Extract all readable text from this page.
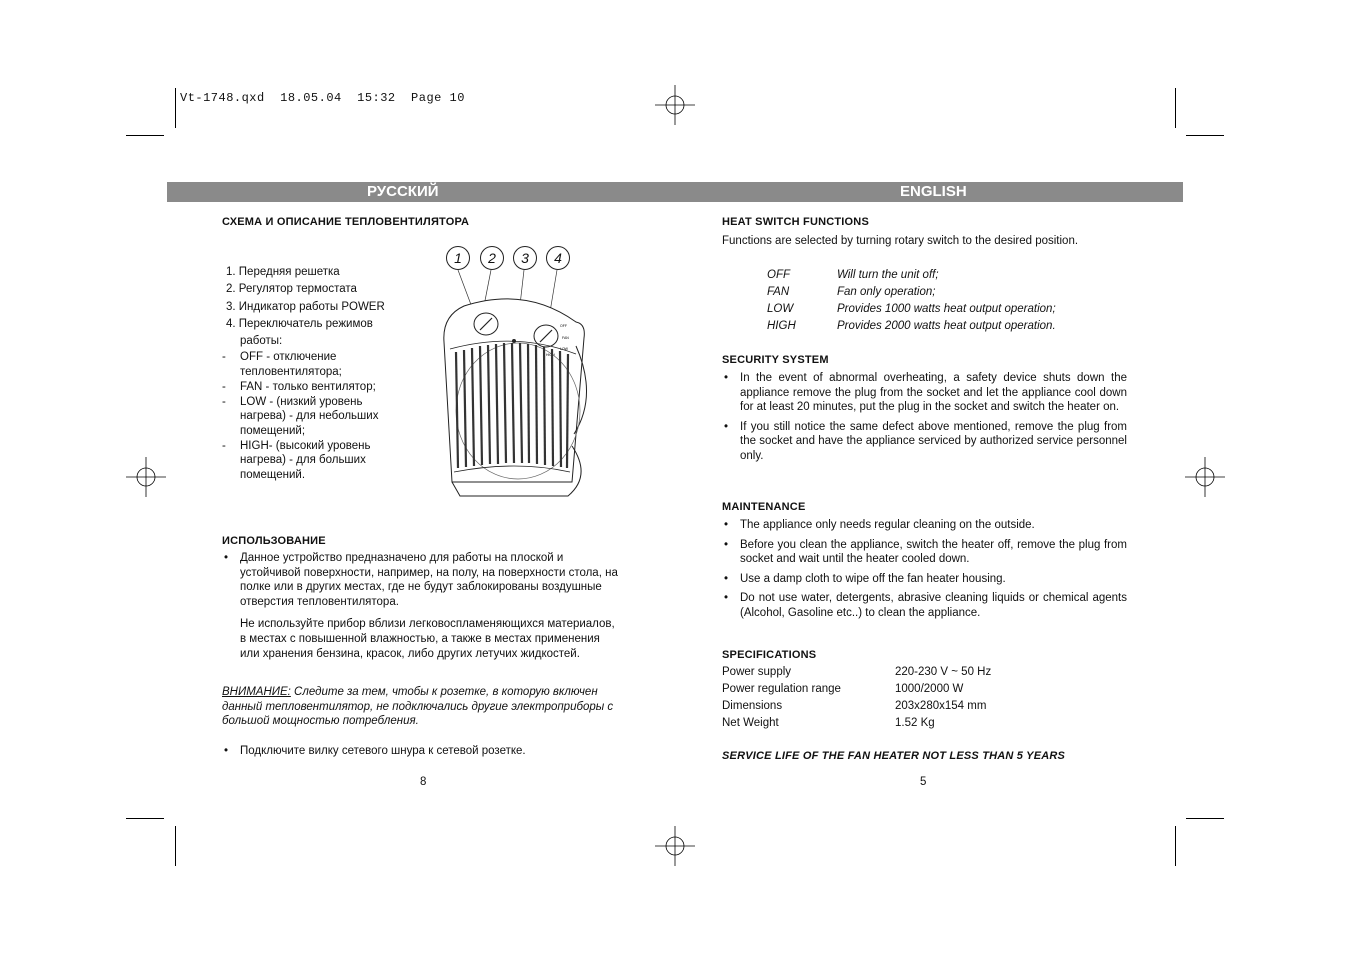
Vt-1748.qxd  18.05.04  15:32  Page 10
РУССКИЙ	ENGLISH
СХЕМА И ОПИСАНИЕ ТЕПЛОВЕНТИЛЯТОРА
1. Передняя решетка
2. Регулятор термостата
3. Индикатор работы POWER
4. Переключатель режимов
работы:
- OFF - отключение тепловентилятора;
- FAN - только вентилятор;
- LOW - (низкий уровень нагрева) - для небольших помещений;
- HIGH- (высокий уровень нагрева) - для больших помещений.
1	2	3	4
OFF
FAN
LOW
HIGH
ИСПОЛЬЗОВАНИЕ
• Данное устройство предназначено для работы на плоской и устойчивой поверхности, например, на полу, на поверхности стола, на полке или в других местах, где не будут заблокированы воздушные отверстия тепловентилятора.
Не используйте прибор вблизи легковоспламеняющихся материалов, в местах с повышенной влажностью, а также в местах применения или хранения бензина, красок, либо других летучих жидкостей.
ВНИМАНИЕ: Следите за тем, чтобы к розетке, в которую включен данный тепловентилятор, не подключались другие электроприборы с большой мощностью потребления.
• Подключите вилку сетевого шнура к сетевой розетке.
8
HEAT SWITCH FUNCTIONS
Functions are selected by turning rotary switch to the desired position.
OFF	Will turn the unit off;
FAN	Fan only operation;
LOW	Provides 1000 watts heat output operation;
HIGH	Provides 2000 watts heat output operation.
SECURITY SYSTEM
• In the event of abnormal overheating, a safety device shuts down the appliance remove the plug from the socket and let the appliance cool down for at least 20 minutes, put the plug in the socket and switch the heater on.
• If you still notice the same defect above mentioned, remove the plug from the socket and have the appliance serviced by authorized service personnel only.
MAINTENANCE
• The appliance only needs regular cleaning on the outside.
• Before you clean the appliance, switch the heater off, remove the plug from socket and wait until the heater cooled down.
• Use a damp cloth to wipe off the fan heater housing.
• Do not use water, detergents, abrasive cleaning liquids or chemical agents (Alcohol, Gasoline etc..) to clean the appliance.
SPECIFICATIONS
Power supply	220-230 V ~ 50 Hz
Power regulation range	1000/2000 W
Dimensions	203x280x154 mm
Net Weight	1.52 Kg
SERVICE LIFE OF THE FAN HEATER NOT LESS THAN 5 YEARS
5
